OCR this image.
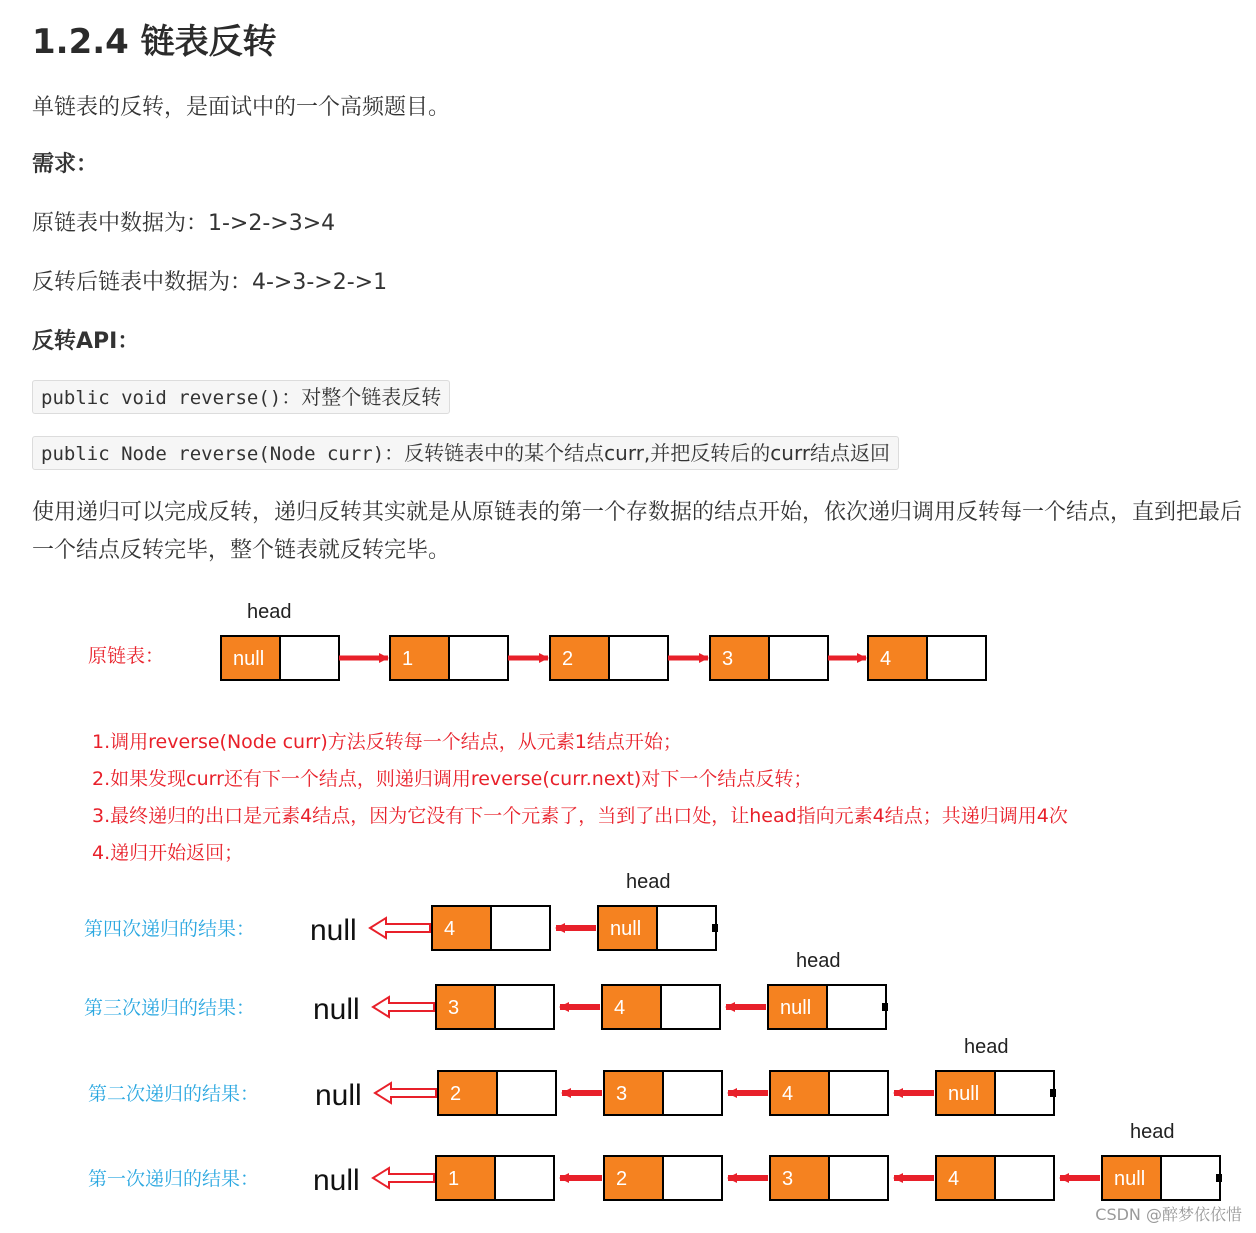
1.2.4 链表反转

单链表的反转，是面试中的一个高频题目。

需求：

原链表中数据为：1->2->3>4

反转后链表中数据为：4->3->2->1

反转API：

public void reverse()：对整个链表反转
public Node reverse(Node curr)：反转链表中的某个结点curr,并把反转后的curr结点返回

使用递归可以完成反转，递归反转其实就是从原链表的第一个存数据的结点开始，依次递归调用反转每一个结点，直到把最后一个结点反转完毕，整个链表就反转完毕。

head
原链表：	null	1	2	3	4
1.调用reverse(Node curr)方法反转每一个结点，从元素1结点开始；
2.如果发现curr还有下一个结点，则递归调用reverse(curr.next)对下一个结点反转；
3.最终递归的出口是元素4结点，因为它没有下一个元素了，当到了出口处，让head指向元素4结点；共递归调用4次
4.递归开始返回；
第四次递归的结果： null	4	null
head
第三次递归的结果： null	3	4	null
head
第二次递归的结果： null	2	3	4	null
head
第一次递归的结果： null	1	2	3	4	null
head
CSDN @醉梦依依惜
